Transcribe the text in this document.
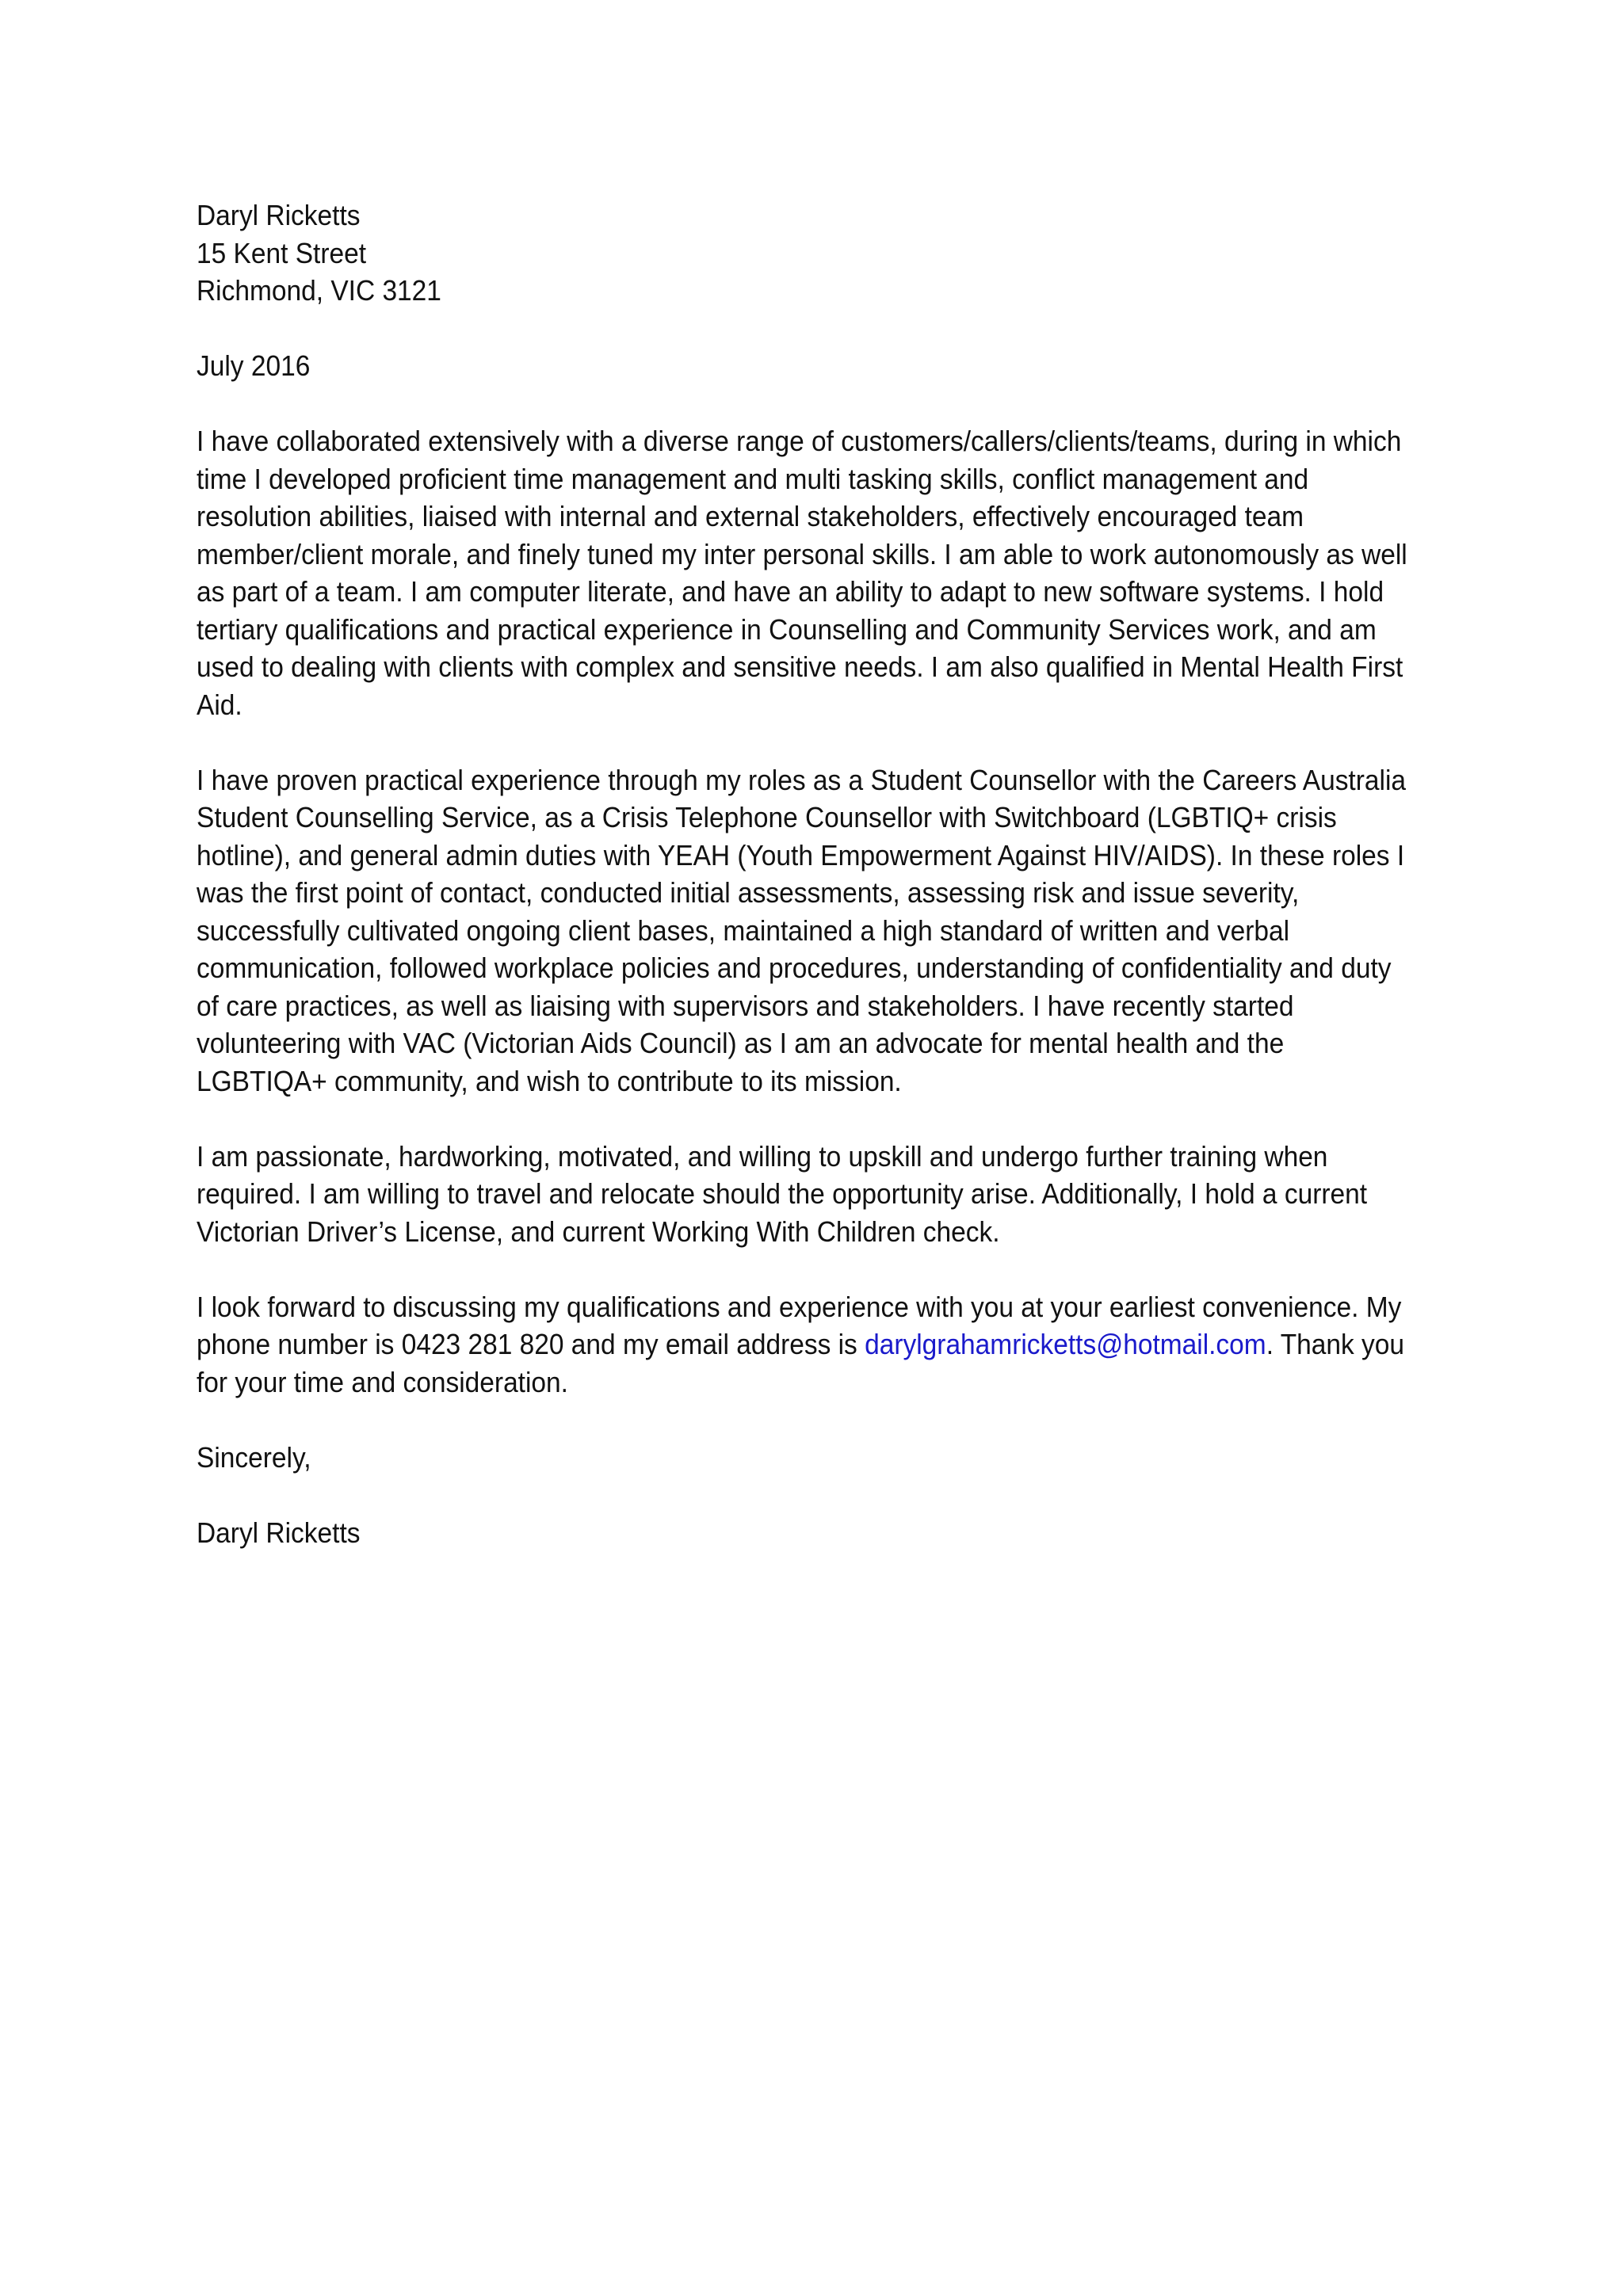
Daryl Ricketts
15 Kent Street
Richmond, VIC 3121

July 2016

I have collaborated extensively with a diverse range of customers/callers/clients/teams, during in which
time I developed proficient time management and multi tasking skills, conflict management and
resolution abilities, liaised with internal and external stakeholders, effectively encouraged team
member/client morale, and finely tuned my inter personal skills. I am able to work autonomously as well
as part of a team. I am computer literate, and have an ability to adapt to new software systems. I hold
tertiary qualifications and practical experience in Counselling and Community Services work, and am
used to dealing with clients with complex and sensitive needs. I am also qualified in Mental Health First
Aid.

I have proven practical experience through my roles as a Student Counsellor with the Careers Australia
Student Counselling Service, as a Crisis Telephone Counsellor with Switchboard (LGBTIQ+ crisis
hotline), and general admin duties with YEAH (Youth Empowerment Against HIV/AIDS). In these roles I
was the first point of contact, conducted initial assessments, assessing risk and issue severity,
successfully cultivated ongoing client bases, maintained a high standard of written and verbal
communication, followed workplace policies and procedures, understanding of confidentiality and duty
of care practices, as well as liaising with supervisors and stakeholders. I have recently started
volunteering with VAC (Victorian Aids Council) as I am an advocate for mental health and the
LGBTIQA+ community, and wish to contribute to its mission.

I am passionate, hardworking, motivated, and willing to upskill and undergo further training when
required. I am willing to travel and relocate should the opportunity arise. Additionally, I hold a current
Victorian Driver’s License, and current Working With Children check.

I look forward to discussing my qualifications and experience with you at your earliest convenience. My
phone number is 0423 281 820 and my email address is darylgrahamricketts@hotmail.com. Thank you
for your time and consideration.

Sincerely,

Daryl Ricketts
